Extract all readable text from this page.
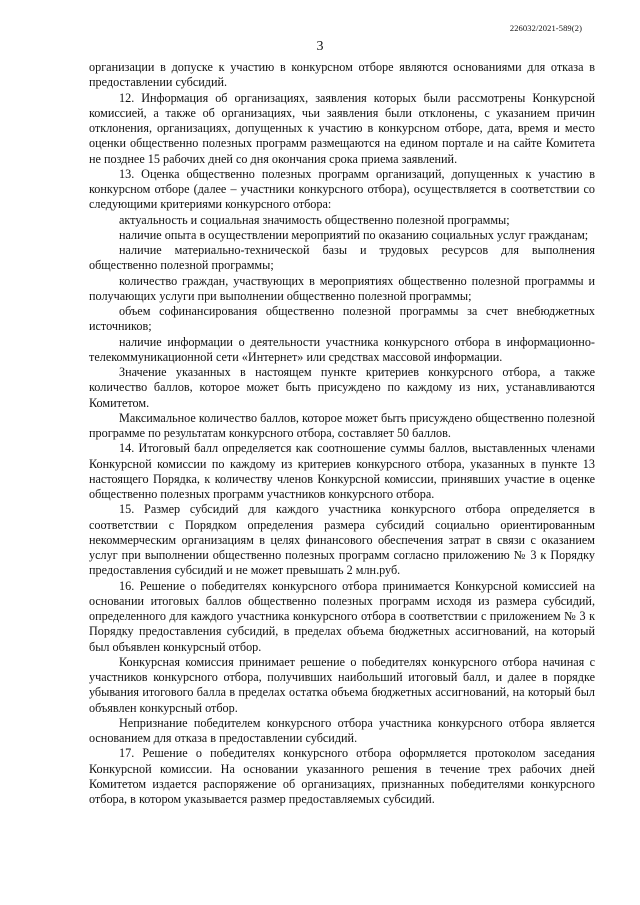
226032/2021-589(2)
3

организации в допуске к участию в конкурсном отборе являются основаниями для отказа в предоставлении субсидий.

12. Информация об организациях, заявления которых были рассмотрены Конкурсной комиссией, а также об организациях, чьи заявления были отклонены, с указанием причин отклонения, организациях, допущенных к участию в конкурсном отборе, дата, время и место оценки общественно полезных программ размещаются на едином портале и на сайте Комитета не позднее 15 рабочих дней со дня окончания срока приема заявлений.

13. Оценка общественно полезных программ организаций, допущенных к участию в конкурсном отборе (далее – участники конкурсного отбора), осуществляется в соответствии со следующими критериями конкурсного отбора:

актуальность и социальная значимость общественно полезной программы;

наличие опыта в осуществлении мероприятий по оказанию социальных услуг гражданам;

наличие материально-технической базы и трудовых ресурсов для выполнения общественно полезной программы;

количество граждан, участвующих в мероприятиях общественно полезной программы и получающих услуги при выполнении общественно полезной программы;

объем софинансирования общественно полезной программы за счет внебюджетных источников;

наличие информации о деятельности участника конкурсного отбора в информационно-телекоммуникационной сети «Интернет» или средствах массовой информации.

Значение указанных в настоящем пункте критериев конкурсного отбора, а также количество баллов, которое может быть присуждено по каждому из них, устанавливаются Комитетом.

Максимальное количество баллов, которое может быть присуждено общественно полезной программе по результатам конкурсного отбора, составляет 50 баллов.

14. Итоговый балл определяется как соотношение суммы баллов, выставленных членами Конкурсной комиссии по каждому из критериев конкурсного отбора, указанных в пункте 13 настоящего Порядка, к количеству членов Конкурсной комиссии, принявших участие в оценке общественно полезных программ участников конкурсного отбора.

15. Размер субсидий для каждого участника конкурсного отбора определяется в соответствии с Порядком определения размера субсидий социально ориентированным некоммерческим организациям в целях финансового обеспечения затрат в связи с оказанием услуг при выполнении общественно полезных программ согласно приложению № 3 к Порядку предоставления субсидий и не может превышать 2 млн.руб.

16. Решение о победителях конкурсного отбора принимается Конкурсной комиссией на основании итоговых баллов общественно полезных программ исходя из размера субсидий, определенного для каждого участника конкурсного отбора в соответствии с приложением № 3 к Порядку предоставления субсидий, в пределах объема бюджетных ассигнований, на который был объявлен конкурсный отбор.

Конкурсная комиссия принимает решение о победителях конкурсного отбора начиная с участников конкурсного отбора, получивших наибольший итоговый балл, и далее в порядке убывания итогового балла в пределах остатка объема бюджетных ассигнований, на который был объявлен конкурсный отбор.

Непризнание победителем конкурсного отбора участника конкурсного отбора является основанием для отказа в предоставлении субсидий.

17. Решение о победителях конкурсного отбора оформляется протоколом заседания Конкурсной комиссии. На основании указанного решения в течение трех рабочих дней Комитетом издается распоряжение об организациях, признанных победителями конкурсного отбора, в котором указывается размер предоставляемых субсидий.
